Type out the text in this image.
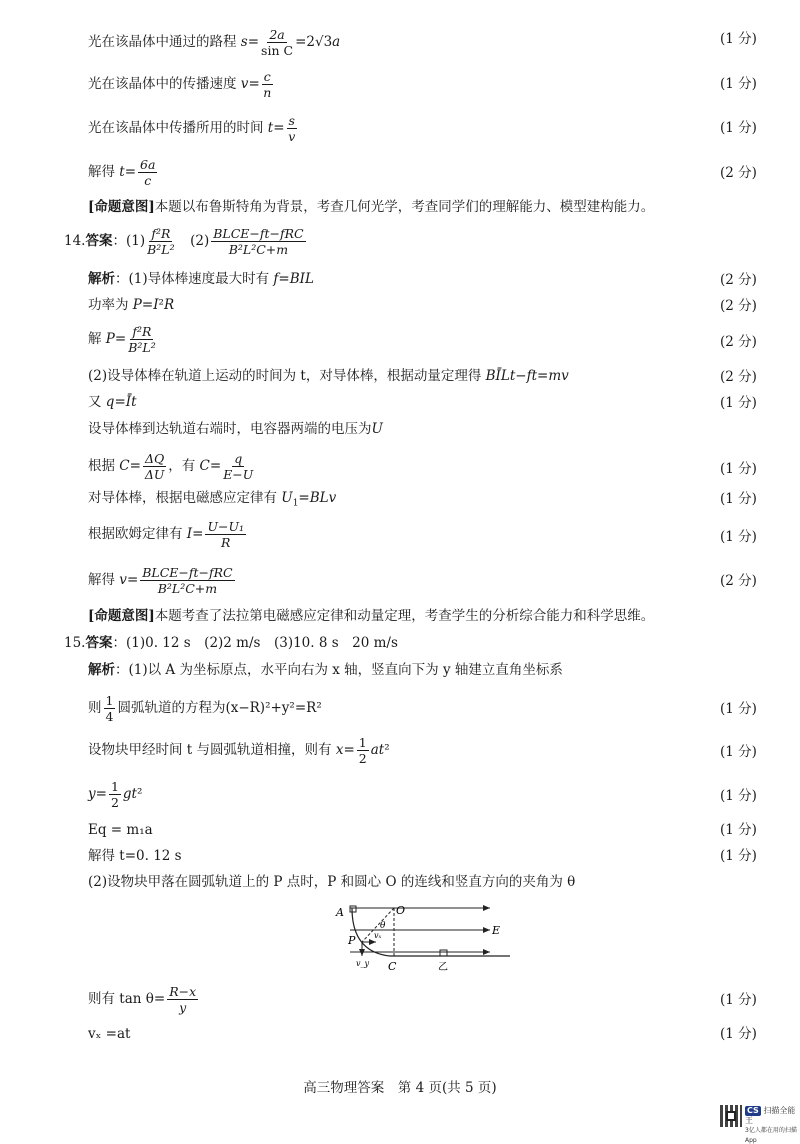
光在该晶体中通过的路程 $s= \frac{2a}{\text{sin C}} =2√3a$	(1 分)
光在该晶体中的传播速度 $v= \frac{c}{n}$	(1 分)
光在该晶体中传播所用的时间 $t= \frac{s}{v}$	(1 分)
解得 $t= \frac{6a}{c}$	(2 分)
[命题意图]本题以布鲁斯特角为背景，考查几何光学，考查同学们的理解能力、模型建构能力。
14.答案：$(1) \frac{\text{f²R}}{\text{B²L²}}$
　 $(2) \frac{\text{BLCE−ft−fRC}}{\text{B²L²C+m}}$
解析：(1)导体棒速度最大时有 f=BIL	(2 分)
功率为 P=I²R	(2 分)
解 $P= \frac{\text{f²R}}{\text{B²L²}}$	(2 分)
(2)设导体棒在轨道上运动的时间为 t，对导体棒，根据动量定理得 BĪLt−ft=mv	(2 分)
又 q=Īt	(1 分)
设导体棒到达轨道右端时，电容器两端的电压为U
根据 $C= \frac{\Delta Q}{\Delta U}$ ，有 $C= \frac{q}{E-U}$	(1 分)
对导体棒，根据电磁感应定律有 $U_1=BLv$	(1 分)
根据欧姆定律有 $I= \frac{\text{U−U₁}}{R}$	(1 分)
解得 $v= \frac{\text{BLCE−ft−fRC}}{\text{B²L²C+m}}$	(2 分)
[命题意图]本题考查了法拉第电磁感应定律和动量定理，考查学生的分析综合能力和科学思维。
15.答案：(1)0. 12 s　(2)2 m/s　(3)10. 8 s　20 m/s
解析：(1)以 A 为坐标原点，水平向右为 x 轴，竖直向下为 y 轴建立直角坐标系
则 $\frac{1}{4}$ 圆弧轨道的方程为(x−R)²+y²=R²	(1 分)
设物块甲经时间 t 与圆弧轨道相撞，则有 $x= \frac{1}{2} at^2$	(1 分)
$y= \frac{1}{2} gt^2$	(1 分)
Eq = m₁a	(1 分)
解得 t=0. 12 s	(1 分)
(2)设物块甲落在圆弧轨道上的 P 点时，P 和圆心 O 的连线和竖直方向的夹角为 θ
A	O
E
P
C	乙
θ
vₓ
v_y
则有 $\tan \theta= \frac{R-x}{y}$	(1 分)
vₓ =at	(1 分)
高三物理答案　第 4 页(共 5 页)
CS 扫描全能王
3亿人都在用的扫描App
